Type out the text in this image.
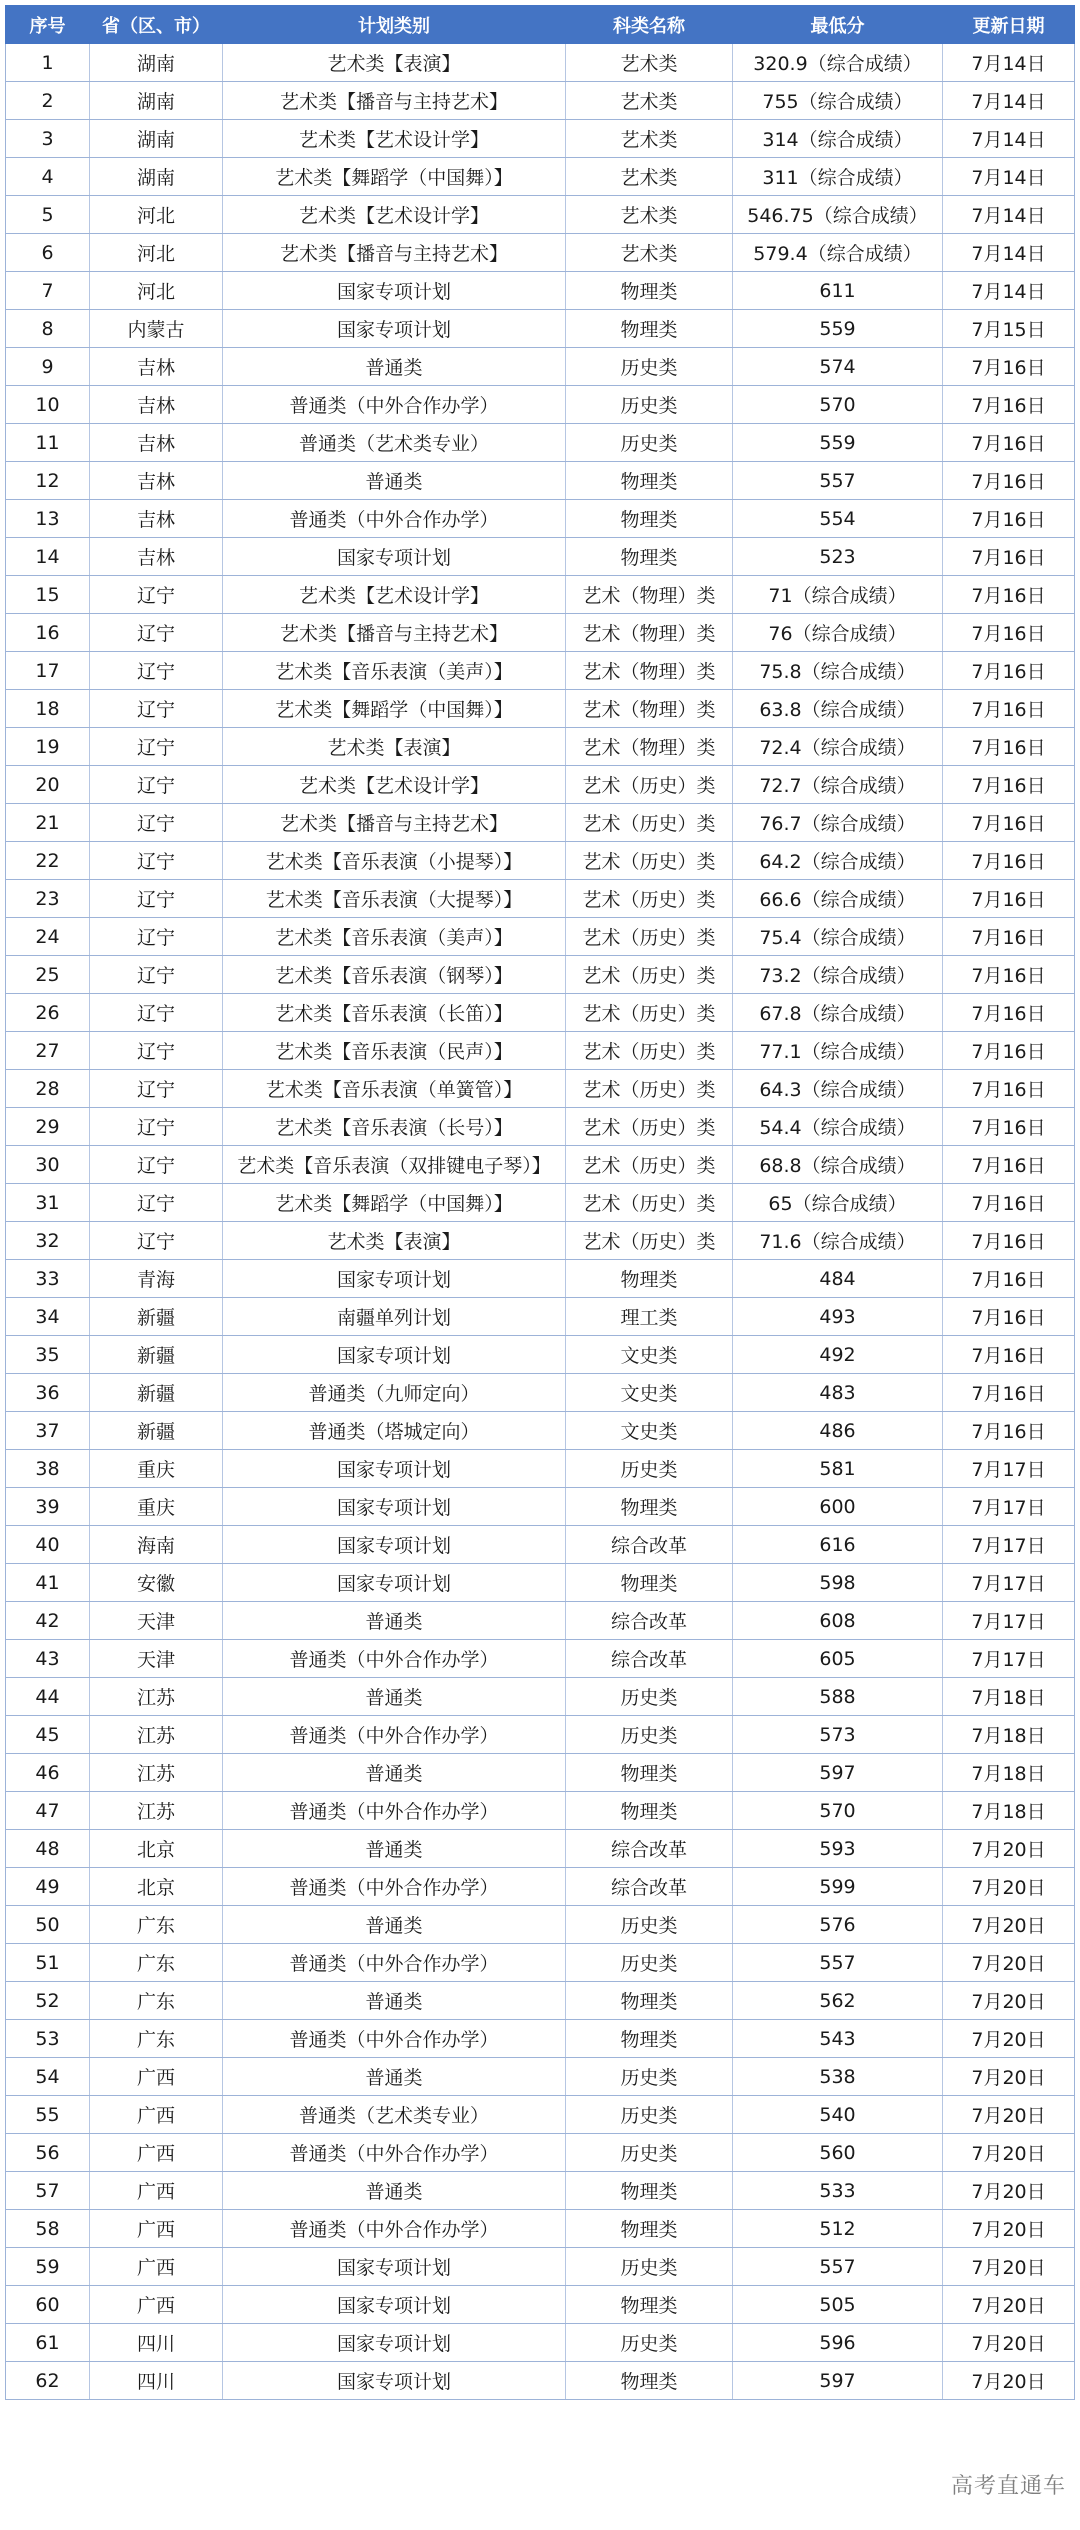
序号	省（区、市）	计划类别	科类名称	最低分	更新日期
1	湖南	艺术类【表演】	艺术类	320.9（综合成绩）	7月14日
2	湖南	艺术类【播音与主持艺术】	艺术类	755（综合成绩）	7月14日
3	湖南	艺术类【艺术设计学】	艺术类	314（综合成绩）	7月14日
4	湖南	艺术类【舞蹈学（中国舞）】	艺术类	311（综合成绩）	7月14日
5	河北	艺术类【艺术设计学】	艺术类	546.75（综合成绩）	7月14日
6	河北	艺术类【播音与主持艺术】	艺术类	579.4（综合成绩）	7月14日
7	河北	国家专项计划	物理类	611	7月14日
8	内蒙古	国家专项计划	物理类	559	7月15日
9	吉林	普通类	历史类	574	7月16日
10	吉林	普通类（中外合作办学）	历史类	570	7月16日
11	吉林	普通类（艺术类专业）	历史类	559	7月16日
12	吉林	普通类	物理类	557	7月16日
13	吉林	普通类（中外合作办学）	物理类	554	7月16日
14	吉林	国家专项计划	物理类	523	7月16日
15	辽宁	艺术类【艺术设计学】	艺术（物理）类	71（综合成绩）	7月16日
16	辽宁	艺术类【播音与主持艺术】	艺术（物理）类	76（综合成绩）	7月16日
17	辽宁	艺术类【音乐表演（美声）】	艺术（物理）类	75.8（综合成绩）	7月16日
18	辽宁	艺术类【舞蹈学（中国舞）】	艺术（物理）类	63.8（综合成绩）	7月16日
19	辽宁	艺术类【表演】	艺术（物理）类	72.4（综合成绩）	7月16日
20	辽宁	艺术类【艺术设计学】	艺术（历史）类	72.7（综合成绩）	7月16日
21	辽宁	艺术类【播音与主持艺术】	艺术（历史）类	76.7（综合成绩）	7月16日
22	辽宁	艺术类【音乐表演（小提琴）】	艺术（历史）类	64.2（综合成绩）	7月16日
23	辽宁	艺术类【音乐表演（大提琴）】	艺术（历史）类	66.6（综合成绩）	7月16日
24	辽宁	艺术类【音乐表演（美声）】	艺术（历史）类	75.4（综合成绩）	7月16日
25	辽宁	艺术类【音乐表演（钢琴）】	艺术（历史）类	73.2（综合成绩）	7月16日
26	辽宁	艺术类【音乐表演（长笛）】	艺术（历史）类	67.8（综合成绩）	7月16日
27	辽宁	艺术类【音乐表演（民声）】	艺术（历史）类	77.1（综合成绩）	7月16日
28	辽宁	艺术类【音乐表演（单簧管）】	艺术（历史）类	64.3（综合成绩）	7月16日
29	辽宁	艺术类【音乐表演（长号）】	艺术（历史）类	54.4（综合成绩）	7月16日
30	辽宁	艺术类【音乐表演（双排键电子琴）】	艺术（历史）类	68.8（综合成绩）	7月16日
31	辽宁	艺术类【舞蹈学（中国舞）】	艺术（历史）类	65（综合成绩）	7月16日
32	辽宁	艺术类【表演】	艺术（历史）类	71.6（综合成绩）	7月16日
33	青海	国家专项计划	物理类	484	7月16日
34	新疆	南疆单列计划	理工类	493	7月16日
35	新疆	国家专项计划	文史类	492	7月16日
36	新疆	普通类（九师定向）	文史类	483	7月16日
37	新疆	普通类（塔城定向）	文史类	486	7月16日
38	重庆	国家专项计划	历史类	581	7月17日
39	重庆	国家专项计划	物理类	600	7月17日
40	海南	国家专项计划	综合改革	616	7月17日
41	安徽	国家专项计划	物理类	598	7月17日
42	天津	普通类	综合改革	608	7月17日
43	天津	普通类（中外合作办学）	综合改革	605	7月17日
44	江苏	普通类	历史类	588	7月18日
45	江苏	普通类（中外合作办学）	历史类	573	7月18日
46	江苏	普通类	物理类	597	7月18日
47	江苏	普通类（中外合作办学）	物理类	570	7月18日
48	北京	普通类	综合改革	593	7月20日
49	北京	普通类（中外合作办学）	综合改革	599	7月20日
50	广东	普通类	历史类	576	7月20日
51	广东	普通类（中外合作办学）	历史类	557	7月20日
52	广东	普通类	物理类	562	7月20日
53	广东	普通类（中外合作办学）	物理类	543	7月20日
54	广西	普通类	历史类	538	7月20日
55	广西	普通类（艺术类专业）	历史类	540	7月20日
56	广西	普通类（中外合作办学）	历史类	560	7月20日
57	广西	普通类	物理类	533	7月20日
58	广西	普通类（中外合作办学）	物理类	512	7月20日
59	广西	国家专项计划	历史类	557	7月20日
60	广西	国家专项计划	物理类	505	7月20日
61	四川	国家专项计划	历史类	596	7月20日
62	四川	国家专项计划	物理类	597	7月20日
高考直通车
